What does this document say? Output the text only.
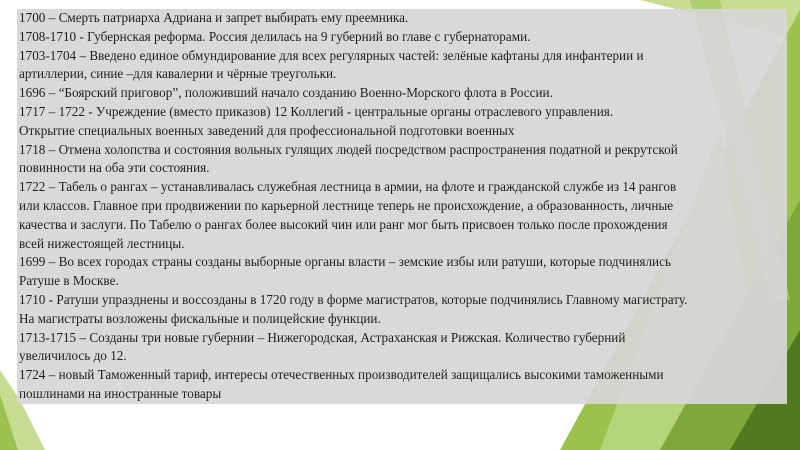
1700 – Смерть патриарха Адриана и запрет выбирать ему преемника.

1708-1710 - Губернская реформа. Россия делилась на 9 губерний во главе с губернаторами.

1703-1704 – Введено единое обмундирование для всех регулярных частей: зелёные кафтаны для инфантерии и

артиллерии, синие –для кавалерии и чёрные треугольки.

1696 – “Боярский приговор”, положивший начало созданию Военно-Морского флота в России.

1717 – 1722 - Учреждение (вместо приказов) 12 Коллегий - центральные органы отраслевого управления.

Открытие специальных военных заведений для профессиональной подготовки военных

1718 – Отмена холопства и состояния вольных гулящих людей посредством распространения податной и рекрутской

повинности на оба эти состояния.

1722 – Табель о рангах – устанавливалась служебная лестница в армии, на флоте и гражданской службе из 14 рангов

или классов. Главное при продвижении по карьерной лестнице теперь не происхождение, а образованность, личные

качества и заслуги. По Табелю о рангах более высокий чин или ранг мог быть присвоен только после прохождения

всей нижестоящей лестницы.

1699 – Во всех городах страны созданы выборные органы власти – земские избы или ратуши, которые подчинялись

Ратуше в Москве.

1710 - Ратуши упразднены и воссозданы в 1720 году в форме магистратов, которые подчинялись Главному магистрату.

На магистраты возложены фискальные и полицейские функции.

1713-1715 – Созданы три новые губернии – Нижегородская, Астраханская и Рижская. Количество губерний

увеличилось до 12.

1724 – новый Таможенный тариф, интересы отечественных производителей защищались высокими таможенными

пошлинами на иностранные товары
